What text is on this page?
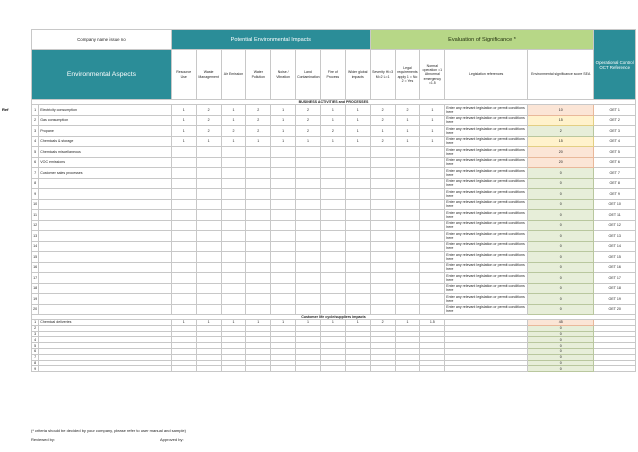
Ref
Company name issue no		Potential Environmental Impacts								Evaluation of Significance *					Operational Control OCT Reference
Environmental Aspects		Resource Use	Waste Management	Air Emission	Water Pollution	Noise / Vibration	Land Contamination	Fire of Process	Wider global impacts	Severity Hi=3 M=2 L=1	Legal requirements apply 1 = No 2 = Yes	Normal operation =1 Abnormal emergency =1.5	Legislation references	Environmental significance score SEA	
BUSINESS ACTIVITIES and PROCESSES															
1	Electricity consumption	1	2	1	2	1	2	1	1	2	2	1	Enter any relevant legislation or permit conditions here	10	OET 1
2	Gas consumption	1	2	1	2	1	2	1	1	2	1	1	Enter any relevant legislation or permit conditions here	15	OET 2
3	Propane	1	2	2	2	1	2	2	1	1	1	1	Enter any relevant legislation or permit conditions here	2	OET 3
4	Chemicals & storage	1	1	1	1	1	1	1	1	2	1	1	Enter any relevant legislation or permit conditions here	15	OET 4
5	Chemicals miscellaneous												Enter any relevant legislation or permit conditions here	20	OET 5
6	VOC emissions												Enter any relevant legislation or permit conditions here	20	OET 6
7	Customer sales processes												Enter any relevant legislation or permit conditions here	0	OET 7
8													Enter any relevant legislation or permit conditions here	0	OET 8
9													Enter any relevant legislation or permit conditions here	0	OET 9
10													Enter any relevant legislation or permit conditions here	0	OET 10
11													Enter any relevant legislation or permit conditions here	0	OET 11
12													Enter any relevant legislation or permit conditions here	0	OET 12
13													Enter any relevant legislation or permit conditions here	0	OET 13
14													Enter any relevant legislation or permit conditions here	0	OET 14
15													Enter any relevant legislation or permit conditions here	0	OET 15
16													Enter any relevant legislation or permit conditions here	0	OET 16
17													Enter any relevant legislation or permit conditions here	0	OET 17
18													Enter any relevant legislation or permit conditions here	0	OET 18
19													Enter any relevant legislation or permit conditions here	0	OET 19
20													Enter any relevant legislation or permit conditions here	0	OET 20
Customer life cycle/suppliers impacts															
1	Chemical deliveries	1	1	1	1	1	1	1	1	2	1	1.5		45	
2														0	
3														0	
4														0	
5														0	
6														0	
7														0	
8														0	
9														0	
(* criteria should be decided by your company, please refer to user manual and sample)
Reviewed by:	Approved by:
